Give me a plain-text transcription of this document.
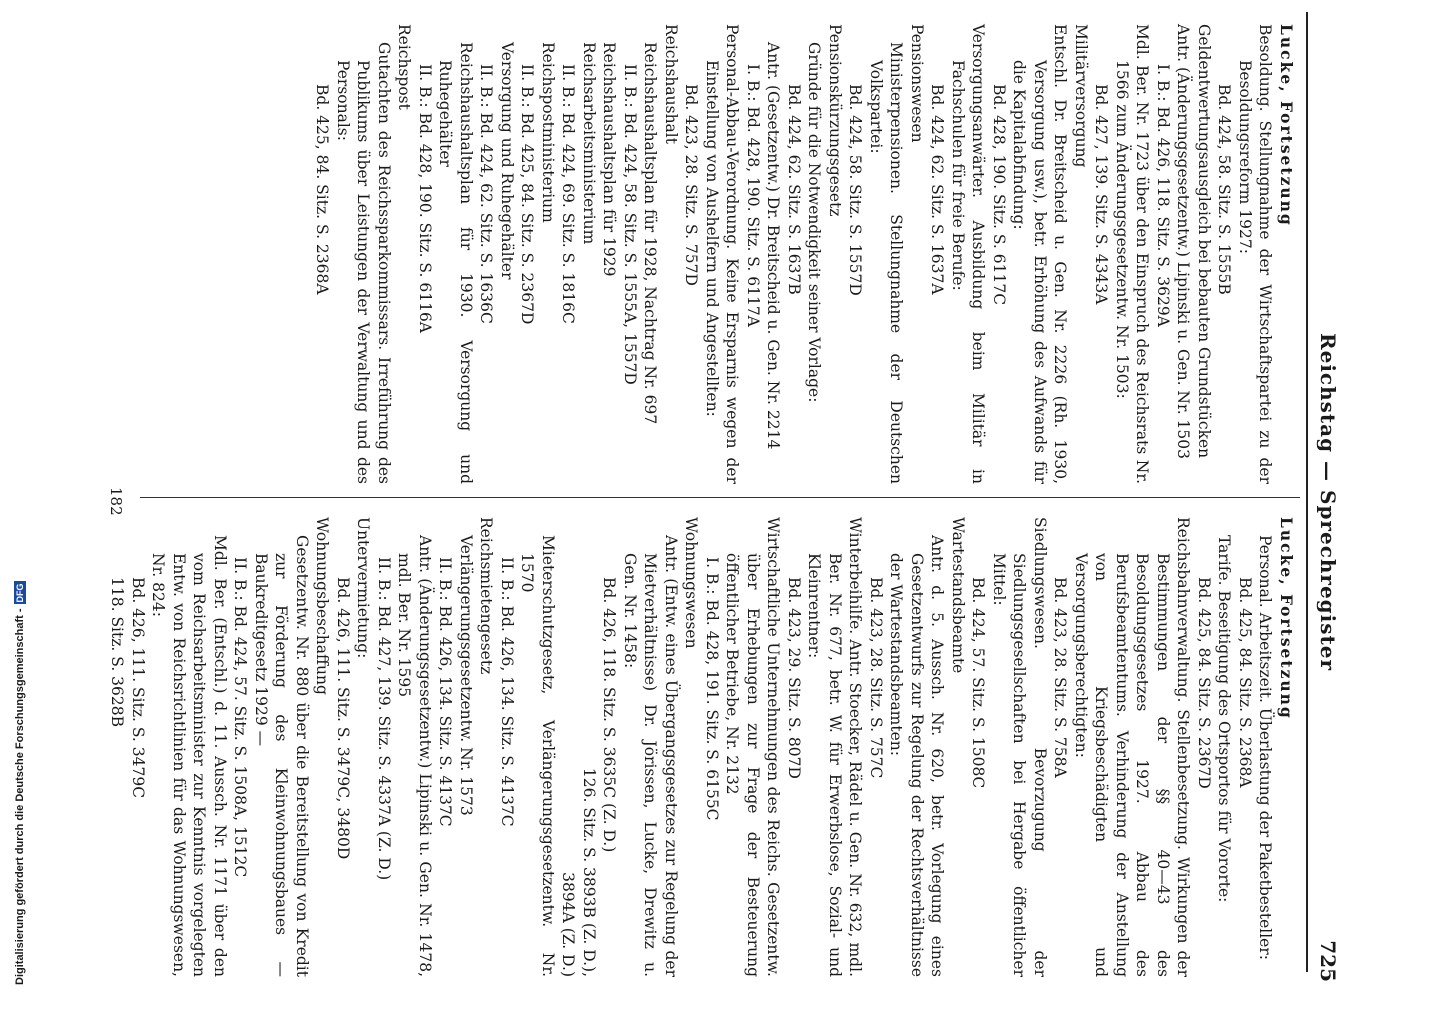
Reichstag — Sprechregister
725

Lucke, Fortsetzung

Besoldung. Stellungnahme der Wirtschaftspartei zu der Besoldungsreform 1927:

Bd. 424, 58. Sitz. S. 1555B

Geldentwertungsausgleich bei bebauten Grundstücken

Antr. (Änderungsgesetzentw.) Lipinski u. Gen. Nr. 1503

I. B.: Bd. 426, 118. Sitz. S. 3629A

Mdl. Ber. Nr. 1723 über den Einspruch des Reichsrats Nr. 1566 zum Änderungsgesetzentw. Nr. 1503:

Bd. 427, 139. Sitz. S. 4343A

Militärversorgung

Entschl. Dr. Breitscheid u. Gen. Nr. 2226 (Rh. 1930, Versorgung usw.), betr. Erhöhung des Aufwands für die Kapitalabfindung:

Bd. 428, 190. Sitz. S. 6117C

Versorgungsanwärter. Ausbildung beim Militär in Fachschulen für freie Berufe:

Bd. 424, 62. Sitz. S. 1637A

Pensionswesen

Ministerpensionen. Stellungnahme der Deutschen Volkspartei:

Bd. 424, 58. Sitz. S. 1557D

Pensionskürzungsgesetz

Gründe für die Notwendigkeit seiner Vorlage:

Bd. 424, 62. Sitz. S. 1637B

Antr. (Gesetzentw.) Dr. Breitscheid u. Gen. Nr. 2214

I. B.: Bd. 428, 190. Sitz. S. 6117A

Personal-Abbau-Verordnung. Keine Ersparnis wegen der Einstellung von Aushelfern und Angestellten:

Bd. 423, 28. Sitz. S. 757D

Reichshaushalt

Reichshaushaltsplan für 1928, Nachtrag Nr. 697

II. B.: Bd. 424, 58. Sitz. S. 1555A, 1557D

Reichshaushaltsplan für 1929

Reichsarbeitsministerium

II. B.: Bd. 424, 69. Sitz. S. 1816C

Reichspostministerium

II. B.: Bd. 425, 84. Sitz. S. 2367D

Versorgung und Ruhegehälter

II. B.: Bd. 424, 62. Sitz. S. 1636C

Reichshaushaltsplan für 1930. Versorgung und Ruhegehälter

II. B.: Bd. 428, 190. Sitz. S. 6116A

Reichspost

Gutachten des Reichssparkommissars. Irreführung des Publikums über Leistungen der Verwaltung und des Personals:

Bd. 425, 84. Sitz. S. 2368A

Lucke, Fortsetzung

Personal. Arbeitszeit. Überlastung der Paketbesteller:

Bd. 425, 84. Sitz. S. 2368A

Tarife. Beseitigung des Ortsportos für Vororte:

Bd. 425, 84. Sitz. S. 2367D

Reichsbahnverwaltung. Stellenbesetzung. Wirkungen der Bestimmungen der §§ 40—43 des Besoldungsgesetzes 1927. Abbau des Berufsbeamtentums. Verhinderung der Anstellung von Kriegsbeschädigten und Versorgungsberechtigten:

Bd. 423, 28. Sitz. S. 758A

Siedlungswesen. Bevorzugung der Siedlungsgesellschaften bei Hergabe öffentlicher Mittel:

Bd. 424, 57. Sitz. S. 1508C

Wartestandsbeamte

Antr. d. 5. Aussch. Nr. 620, betr. Vorlegung eines Gesetzentwurfs zur Regelung der Rechtsverhältnisse der Wartestandsbeamten:

Bd. 423, 28. Sitz. S. 757C

Winterbeihilfe. Antr. Stoecker, Rädel u. Gen. Nr. 632, mdl. Ber. Nr. 677, betr. W. für Erwerbslose, Sozial- und Kleinrentner:

Bd. 423, 29. Sitz. S. 807D

Wirtschaftliche Unternehmungen des Reichs. Gesetzentw. über Erhebungen zur Frage der Besteuerung öffentlicher Betriebe, Nr. 2132

I. B.: Bd. 428, 191. Sitz. S. 6155C

Wohnungswesen

Antr. (Entw. eines Übergangsgesetzes zur Regelung der Mietverhältnisse) Dr. Jörissen, Lucke, Drewitz u. Gen. Nr. 1458:

Bd. 426, 118. Sitz. S. 3635C (Z. D.)

126. Sitz. S. 3893B (Z. D.),

3894A (Z. D.)

Mieterschutzgesetz, Verlängerungsgesetzentw. Nr. 1570

II. B.: Bd. 426, 134. Sitz. S. 4137C

Reichsmietengesetz

Verlängerungsgesetzentw. Nr. 1573

II. B.: Bd. 426, 134. Sitz. S. 4137C

Antr. (Änderungsgesetzentw.) Lipinski u. Gen. Nr. 1478, mdl. Ber. Nr. 1595

II. B.: Bd. 427, 139. Sitz. S. 4337A (Z. D.)

Untervermietung:

Bd. 426, 111. Sitz. S. 3479C, 3480D

Wohnungsbeschaffung

Gesetzentw. Nr. 880 über die Bereitstellung von Kredit zur Förderung des Kleinwohnungsbaues — Baukreditgesetz 1929 —

II. B.: Bd. 424, 57. Sitz. S. 1508A, 1512C

Mdl. Ber. (Entschl.) d. 11. Aussch. Nr. 1171 über den vom Reichsarbeitsminister zur Kenntnis vorgelegten Entw. von Reichsrichtlinien für das Wohnungswesen, Nr. 824:

Bd. 426, 111. Sitz. S. 3479C

118. Sitz. S. 3628B

182
Digitalisierung gefördert durch die Deutsche Forschungsgemeinschaft -
DFG
